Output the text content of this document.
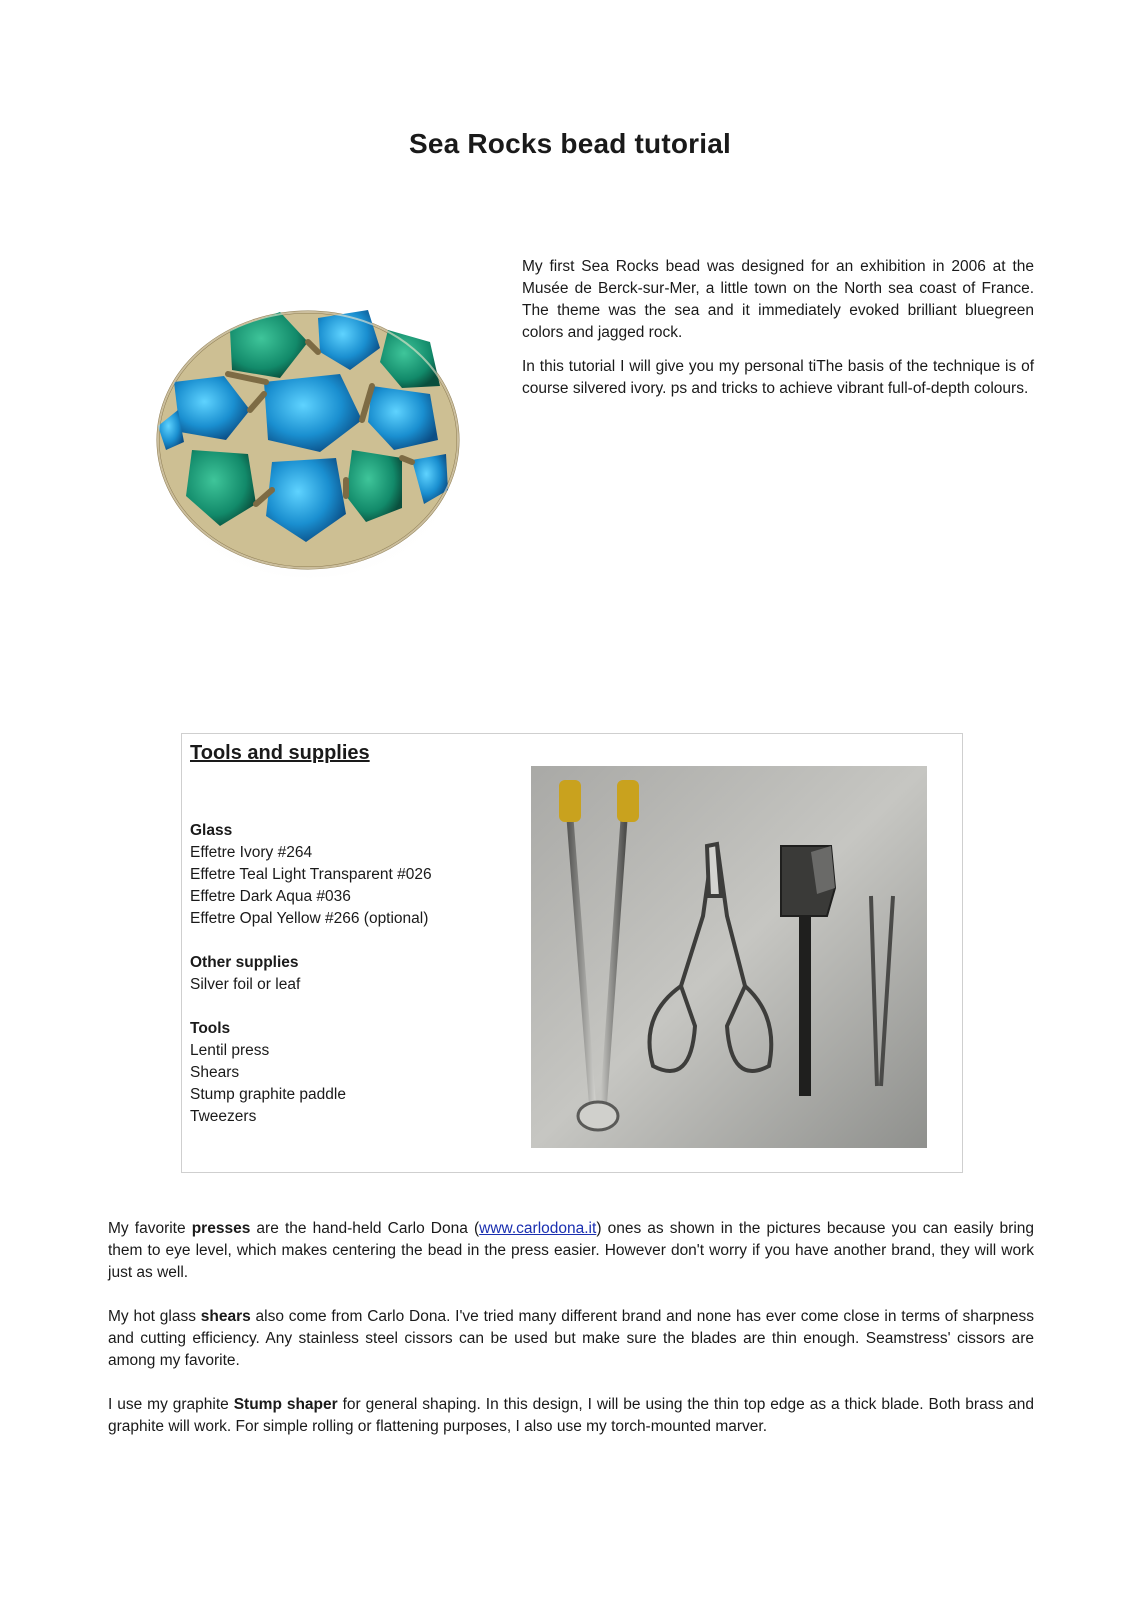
Sea Rocks bead tutorial

My first Sea Rocks bead was designed for an exhibition in 2006 at the Musée de Berck-sur-Mer, a little town on the North sea coast of France. The theme was the sea and it immediately evoked brilliant bluegreen colors and jagged rock.

In this tutorial I will give you my personal tiThe basis of the technique is of course silvered ivory. ps and tricks to achieve vibrant full-of-depth colours.

Tools and supplies
Glass
Effetre Ivory #264
Effetre Teal Light Transparent #026
Effetre Dark Aqua #036
Effetre Opal Yellow #266 (optional)
Other supplies
Silver foil or leaf
Tools
Lentil press
Shears
Stump graphite paddle
Tweezers

My favorite presses are the hand-held Carlo Dona (www.carlodona.it) ones as shown in the pictures because you can easily bring them to eye level, which makes centering the bead in the press easier. However don't worry if you have another brand, they will work just as well.

My hot glass shears also come from Carlo Dona. I've tried many different brand and none has ever come close in terms of sharpness and cutting efficiency. Any stainless steel cissors can be used but make sure the blades are thin enough. Seamstress' cissors are among my favorite.

I use my graphite Stump shaper for general shaping. In this design, I will be using the thin top edge as a thick blade. Both brass and graphite will work. For simple rolling or flattening purposes, I also use my torch-mounted marver.
